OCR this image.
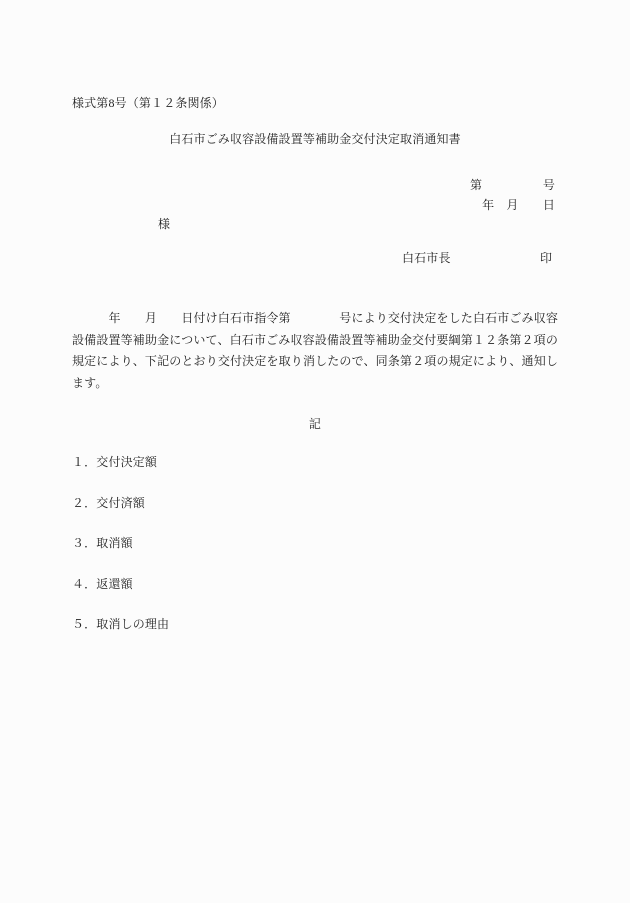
様式第8号（第１２条関係）
白石市ごみ収容設備設置等補助金交付決定取消通知書
第　　　　　号
年　月　　日
様
白石市長	印
　　　年　　月　　日付け白石市指令第　　　　号により交付決定をした白石市ごみ収容
設備設置等補助金について、白石市ごみ収容設備設置等補助金交付要綱第１２条第２項の
規定により、下記のとおり交付決定を取り消したので、同条第２項の規定により、通知し
ます。
記
１．交付決定額
２．交付済額
３．取消額
４．返還額
５．取消しの理由
